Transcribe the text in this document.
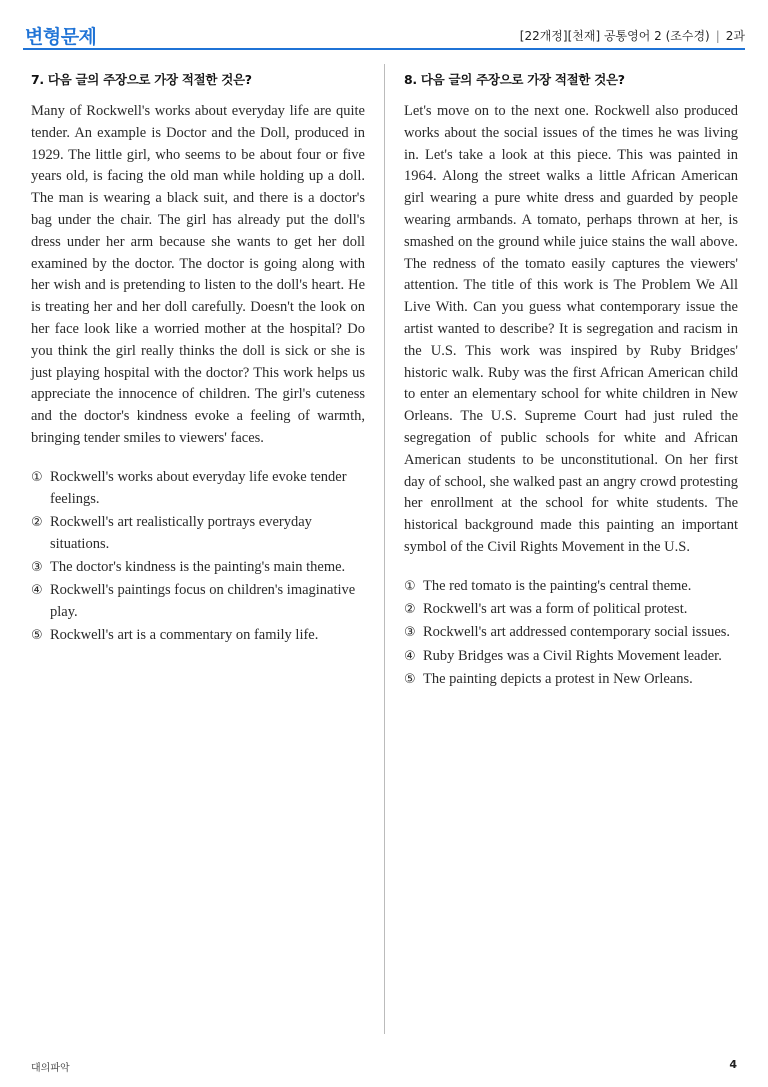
변형문제	[22개정][천재] 공통영어 2 (조수경) | 2과
7. 다음 글의 주장으로 가장 적절한 것은?
Many of Rockwell's works about everyday life are quite tender. An example is Doctor and the Doll, produced in 1929. The little girl, who seems to be about four or five years old, is facing the old man while holding up a doll. The man is wearing a black suit, and there is a doctor's bag under the chair. The girl has already put the doll's dress under her arm because she wants to get her doll examined by the doctor. The doctor is going along with her wish and is pretending to listen to the doll's heart. He is treating her and her doll carefully. Doesn't the look on her face look like a worried mother at the hospital? Do you think the girl really thinks the doll is sick or she is just playing hospital with the doctor? This work helps us appreciate the innocence of children. The girl's cuteness and the doctor's kindness evoke a feeling of warmth, bringing tender smiles to viewers' faces.
① Rockwell's works about everyday life evoke tender feelings.
② Rockwell's art realistically portrays everyday situations.
③ The doctor's kindness is the painting's main theme.
④ Rockwell's paintings focus on children's imaginative play.
⑤ Rockwell's art is a commentary on family life.
8. 다음 글의 주장으로 가장 적절한 것은?
Let's move on to the next one. Rockwell also produced works about the social issues of the times he was living in. Let's take a look at this piece. This was painted in 1964. Along the street walks a little African American girl wearing a pure white dress and guarded by people wearing armbands. A tomato, perhaps thrown at her, is smashed on the ground while juice stains the wall above. The redness of the tomato easily captures the viewers' attention. The title of this work is The Problem We All Live With. Can you guess what contemporary issue the artist wanted to describe? It is segregation and racism in the U.S. This work was inspired by Ruby Bridges' historic walk. Ruby was the first African American child to enter an elementary school for white children in New Orleans. The U.S. Supreme Court had just ruled the segregation of public schools for white and African American students to be unconstitutional. On her first day of school, she walked past an angry crowd protesting her enrollment at the school for white students. The historical background made this painting an important symbol of the Civil Rights Movement in the U.S.
① The red tomato is the painting's central theme.
② Rockwell's art was a form of political protest.
③ Rockwell's art addressed contemporary social issues.
④ Ruby Bridges was a Civil Rights Movement leader.
⑤ The painting depicts a protest in New Orleans.
대의파악	4
